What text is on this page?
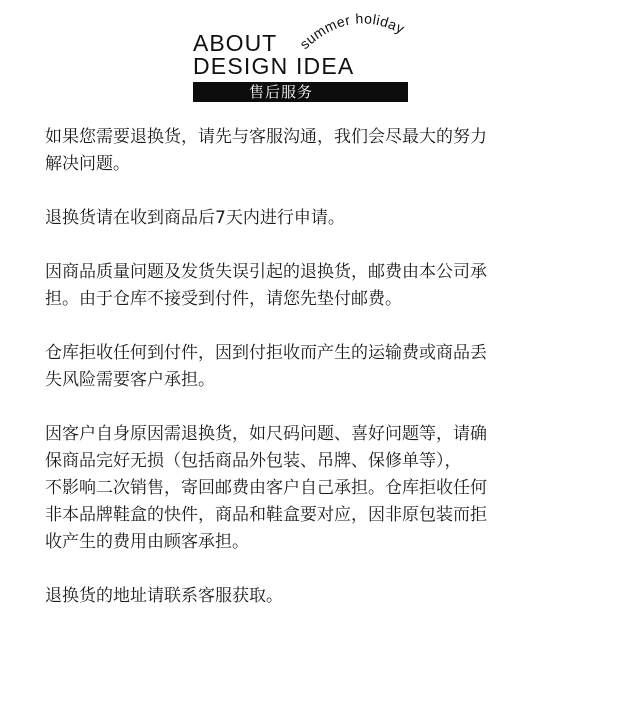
summer holiday
ABOUT
DESIGN IDEA
售后服务

如果您需要退换货，请先与客服沟通，我们会尽最大的努力
解决问题。

退换货请在收到商品后7天内进行申请。

因商品质量问题及发货失误引起的退换货，邮费由本公司承
担。由于仓库不接受到付件，请您先垫付邮费。

仓库拒收任何到付件，因到付拒收而产生的运输费或商品丢
失风险需要客户承担。

因客户自身原因需退换货，如尺码问题、喜好问题等，请确
保商品完好无损（包括商品外包装、吊牌、保修单等），
不影响二次销售，寄回邮费由客户自己承担。仓库拒收任何
非本品牌鞋盒的快件，商品和鞋盒要对应，因非原包装而拒
收产生的费用由顾客承担。

退换货的地址请联系客服获取。
